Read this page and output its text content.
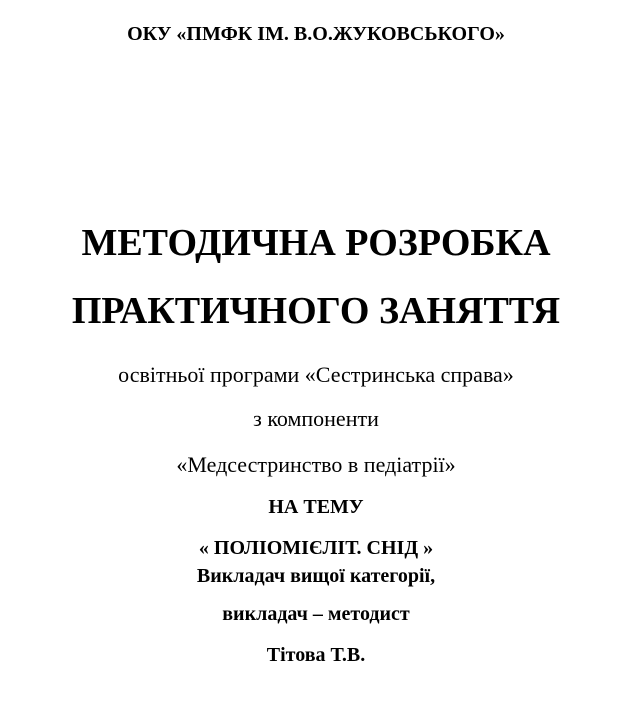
ОКУ «ПМФК ІМ. В.О.ЖУКОВСЬКОГО»
МЕТОДИЧНА РОЗРОБКА
ПРАКТИЧНОГО ЗАНЯТТЯ
освітньої програми «Сестринська справа»
з компоненти
«Медсестринство в педіатрії»
НА ТЕМУ
« ПОЛІОМІЄЛІТ. СНІД »
Викладач вищої категорії,
викладач – методист
Тітова Т.В.
